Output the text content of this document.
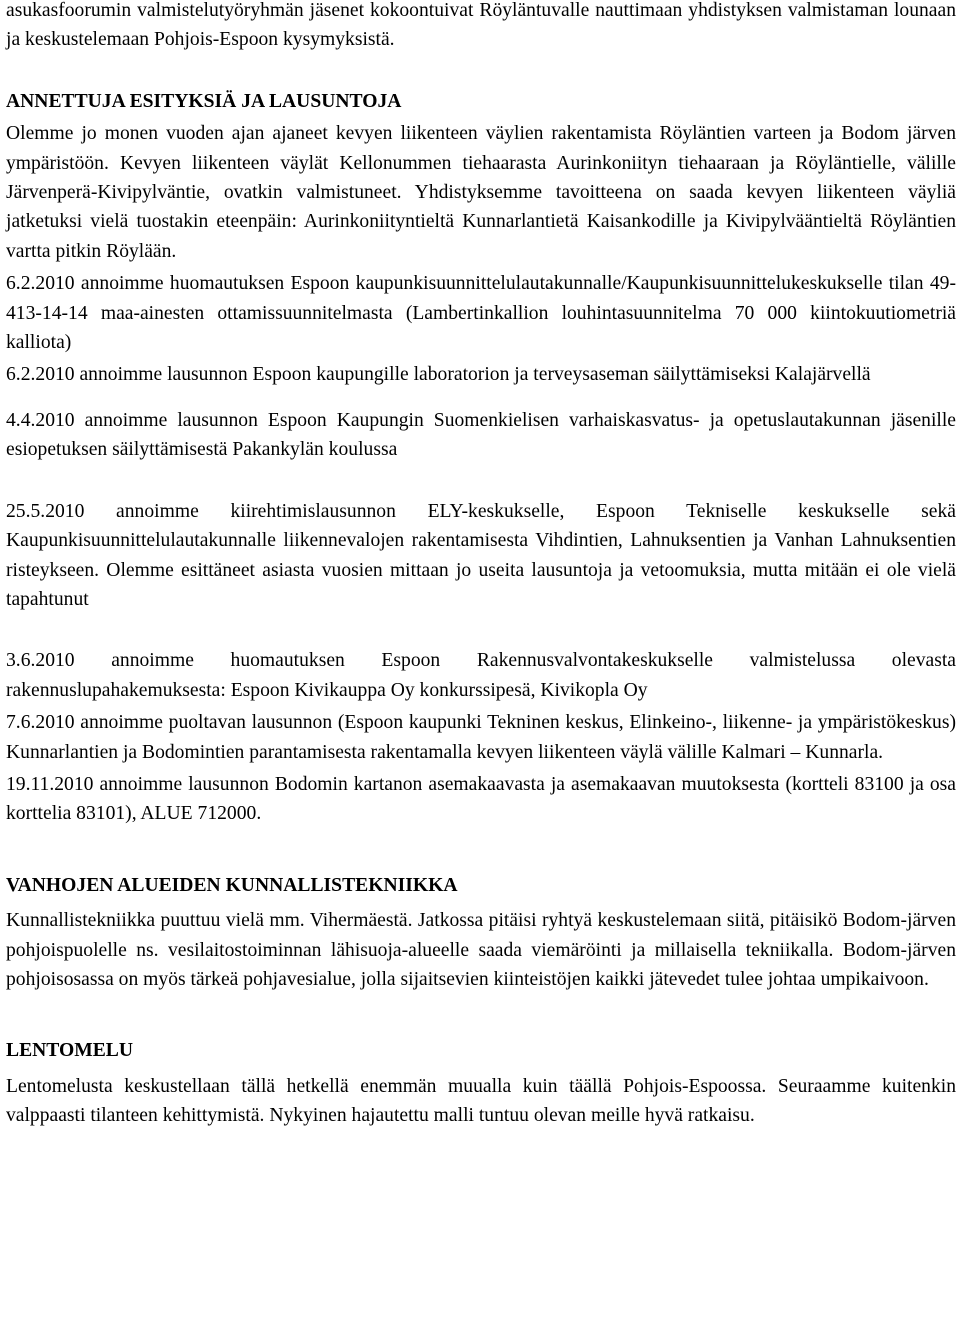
asukasfoorumin valmistelutyöryhmän jäsenet kokoontuivat Röyläntuvalle nauttimaan yhdistyksen valmistaman lounaan ja keskustelemaan Pohjois-Espoon kysymyksistä.

ANNETTUJA ESITYKSIÄ JA LAUSUNTOJA

Olemme jo monen vuoden ajan ajaneet kevyen liikenteen väylien rakentamista Röyläntien varteen ja Bodom järven ympäristöön. Kevyen liikenteen väylät Kellonummen tiehaarasta Aurinkoniityn tiehaaraan ja Röyläntielle, välille Järvenperä-Kivipylväntie, ovatkin valmistuneet. Yhdistyksemme tavoitteena on saada kevyen liikenteen väyliä jatketuksi vielä tuostakin eteenpäin: Aurinkoniityntieltä Kunnarlantietä Kaisankodille ja Kivipylvääntieltä Röyläntien vartta pitkin Röylään.

6.2.2010 annoimme huomautuksen Espoon kaupunkisuunnittelulautakunnalle/Kaupunkisuunnittelukeskukselle tilan 49-413-14-14 maa-ainesten ottamissuunnitelmasta (Lambertinkallion louhintasuunnitelma 70 000 kiintokuutiometriä kalliota)

6.2.2010 annoimme lausunnon Espoon kaupungille laboratorion ja terveysaseman säilyttämiseksi Kalajärvellä

4.4.2010 annoimme lausunnon Espoon Kaupungin Suomenkielisen varhaiskasvatus- ja opetuslautakunnan jäsenille esiopetuksen säilyttämisestä Pakankylän koulussa

25.5.2010 annoimme kiirehtimislausunnon ELY-keskukselle, Espoon Tekniselle keskukselle sekä Kaupunkisuunnittelulautakunnalle liikennevalojen rakentamisesta Vihdintien, Lahnuksentien ja Vanhan Lahnuksentien risteykseen. Olemme esittäneet asiasta vuosien mittaan jo useita lausuntoja ja vetoomuksia, mutta mitään ei ole vielä tapahtunut

3.6.2010 annoimme huomautuksen Espoon Rakennusvalvontakeskukselle valmistelussa olevasta rakennuslupahakemuksesta: Espoon Kivikauppa Oy konkurssipesä, Kivikopla Oy

7.6.2010 annoimme puoltavan lausunnon (Espoon kaupunki Tekninen keskus, Elinkeino-, liikenne- ja ympäristökeskus) Kunnarlantien ja Bodomintien parantamisesta rakentamalla kevyen liikenteen väylä välille Kalmari – Kunnarla.

19.11.2010 annoimme lausunnon Bodomin kartanon asemakaavasta ja asemakaavan muutoksesta (kortteli 83100 ja osa korttelia 83101), ALUE 712000.

VANHOJEN ALUEIDEN KUNNALLISTEKNIIKKA

Kunnallistekniikka puuttuu vielä mm. Vihermäestä. Jatkossa pitäisi ryhtyä keskustelemaan siitä, pitäisikö Bodom-järven pohjoispuolelle ns. vesilaitostoiminnan lähisuoja-alueelle saada viemäröinti ja millaisella tekniikalla. Bodom-järven pohjoisosassa on myös tärkeä pohjavesialue, jolla sijaitsevien kiinteistöjen kaikki jätevedet tulee johtaa umpikaivoon.

LENTOMELU

Lentomelusta keskustellaan tällä hetkellä enemmän muualla kuin täällä Pohjois-Espoossa. Seuraamme kuitenkin valppaasti tilanteen kehittymistä. Nykyinen hajautettu malli tuntuu olevan meille hyvä ratkaisu.
